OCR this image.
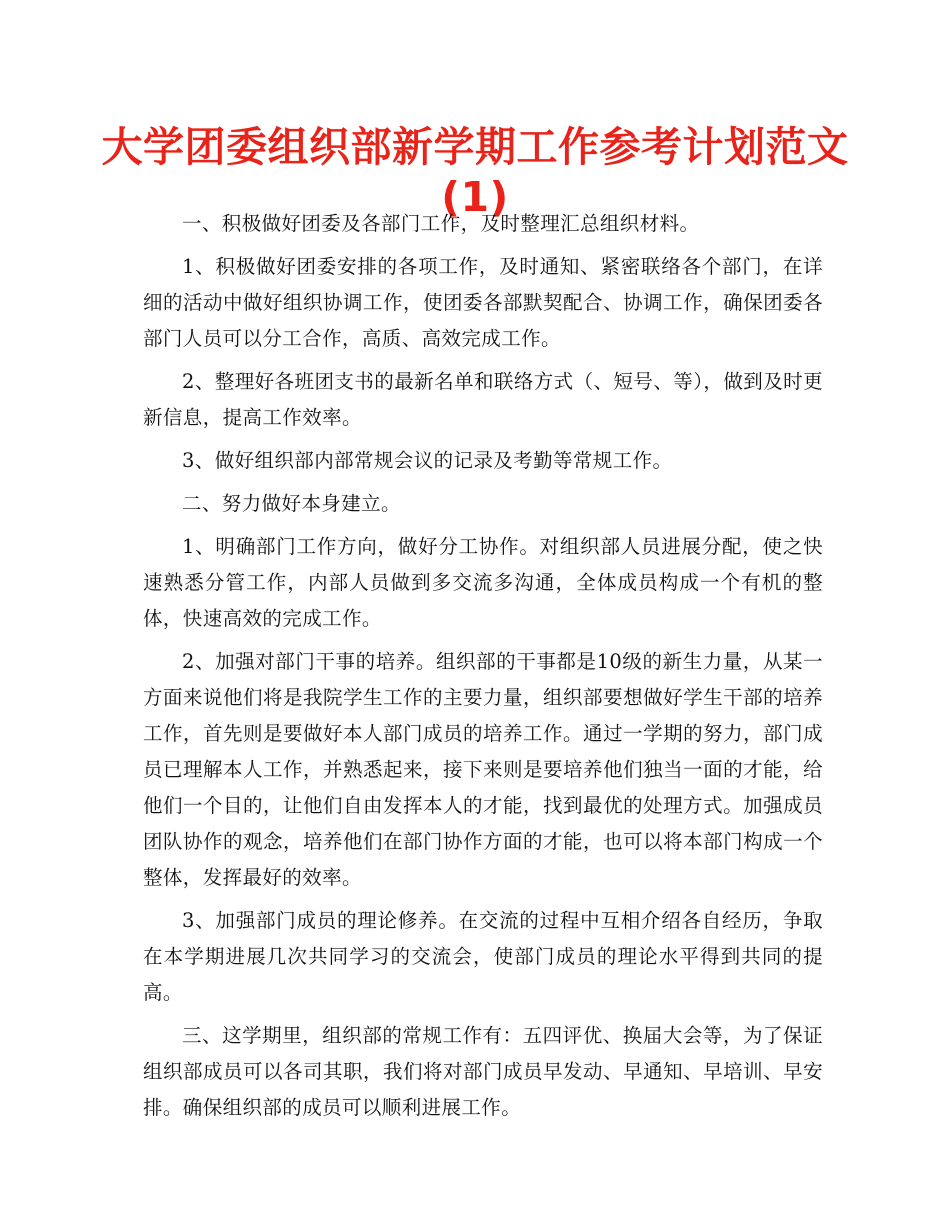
大学团委组织部新学期工作参考计划范文(1)

一、积极做好团委及各部门工作，及时整理汇总组织材料。

1、积极做好团委安排的各项工作，及时通知、紧密联络各个部门，在详细的活动中做好组织协调工作，使团委各部默契配合、协调工作，确保团委各部门人员可以分工合作，高质、高效完成工作。

2、整理好各班团支书的最新名单和联络方式（、短号、等），做到及时更新信息，提高工作效率。

3、做好组织部内部常规会议的记录及考勤等常规工作。

二、努力做好本身建立。

1、明确部门工作方向，做好分工协作。对组织部人员进展分配，使之快速熟悉分管工作，内部人员做到多交流多沟通，全体成员构成一个有机的整体，快速高效的完成工作。

2、加强对部门干事的培养。组织部的干事都是10级的新生力量，从某一方面来说他们将是我院学生工作的主要力量，组织部要想做好学生干部的培养工作，首先则是要做好本人部门成员的培养工作。通过一学期的努力，部门成员已理解本人工作，并熟悉起来，接下来则是要培养他们独当一面的才能，给他们一个目的，让他们自由发挥本人的才能，找到最优的处理方式。加强成员团队协作的观念，培养他们在部门协作方面的才能，也可以将本部门构成一个整体，发挥最好的效率。

3、加强部门成员的理论修养。在交流的过程中互相介绍各自经历，争取在本学期进展几次共同学习的交流会，使部门成员的理论水平得到共同的提高。

三、这学期里，组织部的常规工作有：五四评优、换届大会等，为了保证组织部成员可以各司其职，我们将对部门成员早发动、早通知、早培训、早安排。确保组织部的成员可以顺利进展工作。
